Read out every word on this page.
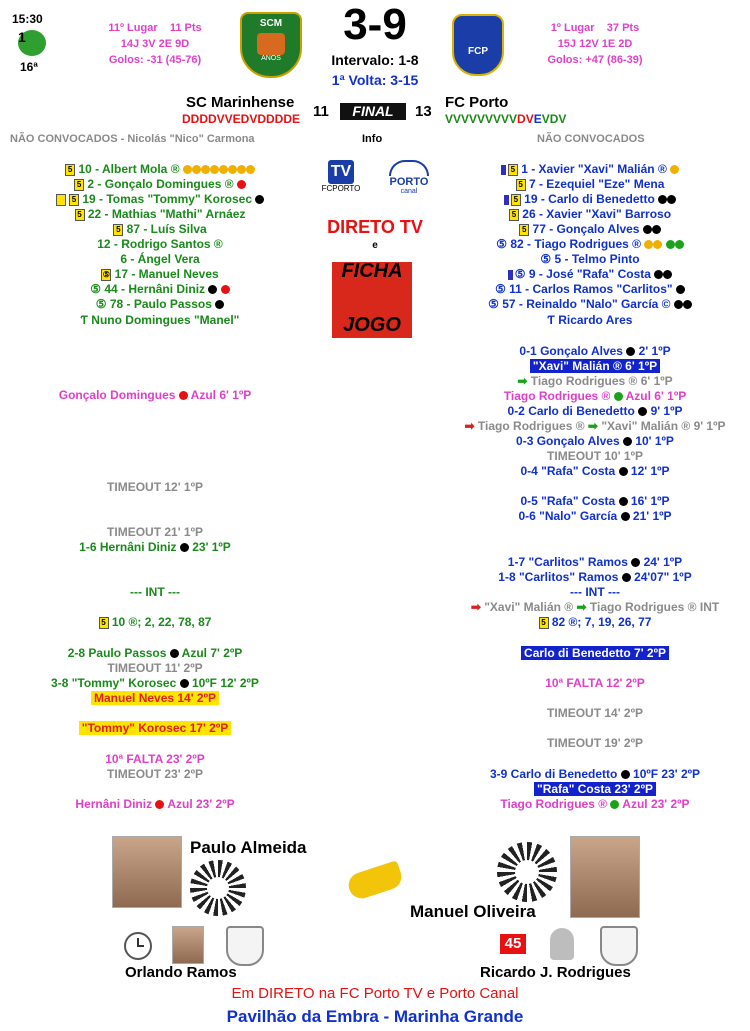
15:30
1
16ª
11º Lugar 11 Pts
14J 3V 2E 9D
Golos: -31 (45-76)
SCM
ANOS
3-9
Intervalo: 1-8
1ª Volta: 3-15
FCP
1º Lugar 37 Pts
15J 12V 1E 2D
Golos: +47 (86-39)
SC Marinhense
DDDDVVEDVDDDDE 11	FINAL	13
FC Porto
VVVVVVVVVDVEVDV
NÃO CONVOCADOS - Nicolás "Nico" Carmona	Info	NÃO CONVOCADOS
5 10 - Albert Mola ®
5 2 - Gonçalo Domingues ®
5 19 - Tomas "Tommy" Korosec
5 22 - Mathias "Mathi" Arnáez
5 87 - Luís Silva
12 - Rodrigo Santos ®
6 - Ángel Vera
⑤ 17 - Manuel Neves
⑤ 44 - Hernâni Diniz
⑤ 78 - Paulo Passos
Ƭ Nuno Domingues "Manel"
TV
FCPORTO
PORTO
canal
DIRETO TV
e
FICHA
JOGO
5 1 - Xavier "Xavi" Malián ®
5 7 - Ezequiel "Eze" Mena
5 19 - Carlo di Benedetto
5 26 - Xavier "Xavi" Barroso
5 77 - Gonçalo Alves
⑤ 82 - Tiago Rodrigues ®
⑤ 5 - Telmo Pinto
⑤ 9 - José "Rafa" Costa
⑤ 11 - Carlos Ramos "Carlitos"
⑤ 57 - Reinaldo "Nalo" García ©
Ƭ Ricardo Ares
Gonçalo Domingues Azul 6' 1ºP
TIMEOUT 12' 1ºP
TIMEOUT 21' 1ºP
1-6 Hernâni Diniz 23' 1ºP
--- INT ---
5 10 ®; 2, 22, 78, 87
2-8 Paulo Passos Azul 7' 2ºP
TIMEOUT 11' 2ºP
3-8 "Tommy" Korosec 10ºF 12' 2ºP
Manuel Neves 14' 2ºP
"Tommy" Korosec 17' 2ºP
10ª FALTA 23' 2ºP
TIMEOUT 23' 2ºP
Hernâni Diniz Azul 23' 2ºP
0-1 Gonçalo Alves 2' 1ºP
"Xavi" Malián ® 6' 1ºP
➡ Tiago Rodrigues ® 6' 1ºP
Tiago Rodrigues ® Azul 6' 1ºP
0-2 Carlo di Benedetto 9' 1ºP
➡ Tiago Rodrigues ® ➡ "Xavi" Malián ® 9' 1ºP
0-3 Gonçalo Alves 10' 1ºP
TIMEOUT 10' 1ºP
0-4 "Rafa" Costa 12' 1ºP
0-5 "Rafa" Costa 16' 1ºP
0-6 "Nalo" García 21' 1ºP
1-7 "Carlitos" Ramos 24' 1ºP
1-8 "Carlitos" Ramos 24'07" 1ºP
--- INT ---
➡ "Xavi" Malián ® ➡ Tiago Rodrigues ® INT
5 82 ®; 7, 19, 26, 77
Carlo di Benedetto 7' 2ºP
10ª FALTA 12' 2ºP
TIMEOUT 14' 2ºP
TIMEOUT 19' 2ºP
3-9 Carlo di Benedetto 10ºF 23' 2ºP
"Rafa" Costa 23' 2ºP
Tiago Rodrigues ® Azul 23' 2ºP
Paulo Almeida
Manuel Oliveira
Orlando Ramos
45
Ricardo J. Rodrigues
Em DIRETO na FC Porto TV e Porto Canal
Pavilhão da Embra - Marinha Grande
